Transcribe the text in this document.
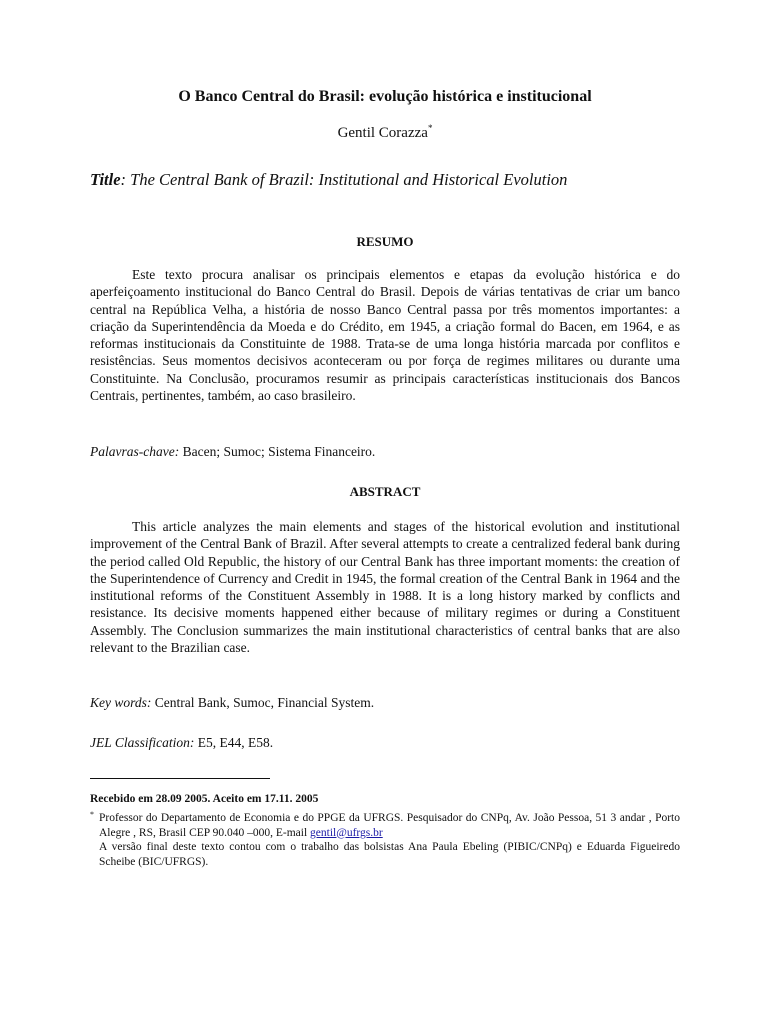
O Banco Central do Brasil: evolução histórica e institucional
Gentil Corazza*
Title: The Central Bank of Brazil: Institutional and Historical Evolution
RESUMO

Este texto procura analisar os principais elementos e etapas da evolução histórica e do aperfeiçoamento institucional do Banco Central do Brasil. Depois de várias tentativas de criar um banco central na República Velha, a história de nosso Banco Central passa por três momentos importantes: a criação da Superintendência da Moeda e do Crédito, em 1945, a criação formal do Bacen, em 1964, e as reformas institucionais da Constituinte de 1988. Trata-se de uma longa história marcada por conflitos e resistências. Seus momentos decisivos aconteceram ou por força de regimes militares ou durante uma Constituinte. Na Conclusão, procuramos resumir as principais características institucionais dos Bancos Centrais, pertinentes, também, ao caso brasileiro.

Palavras-chave: Bacen; Sumoc; Sistema Financeiro.

ABSTRACT

This article analyzes the main elements and stages of the historical evolution and institutional improvement of the Central Bank of Brazil. After several attempts to create a centralized federal bank during the period called Old Republic, the history of our Central Bank has three important moments: the creation of the Superintendence of Currency and Credit in 1945, the formal creation of the Central Bank in 1964 and the institutional reforms of the Constituent Assembly in 1988. It is a long history marked by conflicts and resistance. Its decisive moments happened either because of military regimes or during a Constituent Assembly. The Conclusion summarizes the main institutional characteristics of central banks that are also relevant to the Brazilian case.

Key words: Central Bank, Sumoc, Financial System.

JEL Classification: E5, E44, E58.

Recebido em 28.09 2005. Aceito em 17.11. 2005
* Professor do Departamento de Economia e do PPGE da UFRGS. Pesquisador do CNPq, Av. João Pessoa, 51 3 andar , Porto Alegre , RS, Brasil CEP 90.040 –000, E-mail gentil@ufrgs.br

A versão final deste texto contou com o trabalho das bolsistas Ana Paula Ebeling (PIBIC/CNPq) e Eduarda Figueiredo Scheibe (BIC/UFRGS).
